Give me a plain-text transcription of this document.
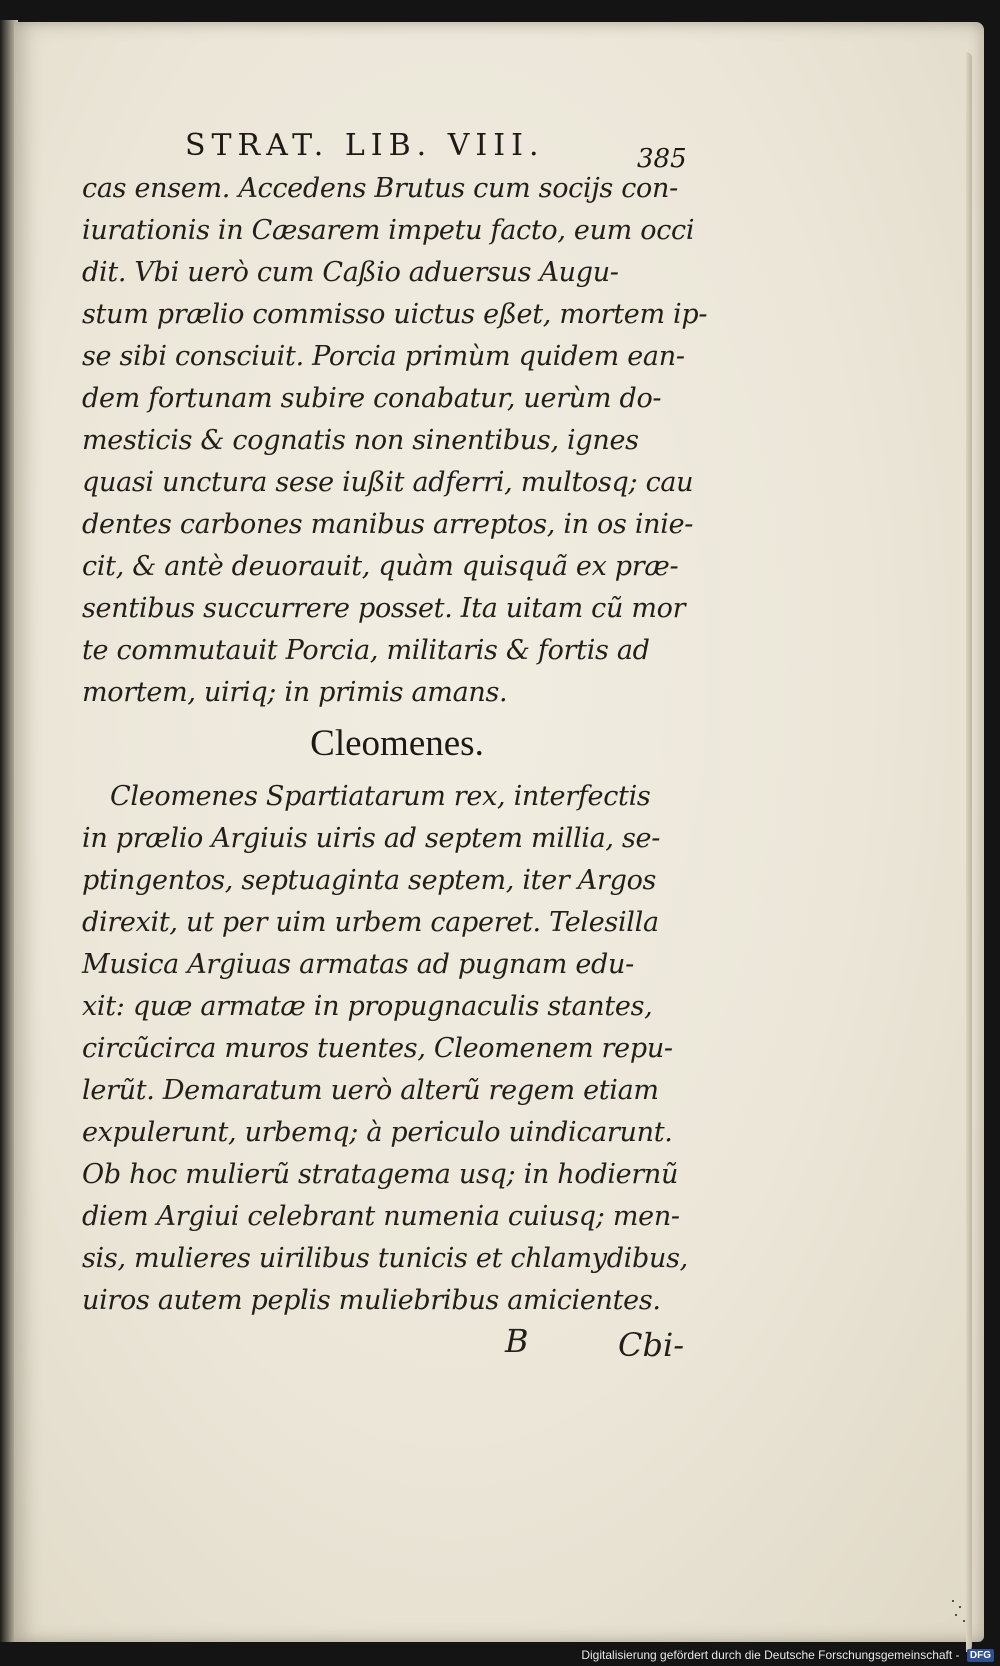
STRAT. LIB. VIII.	385
cas ensem. Accedens Brutus cum socijs con-
iurationis in Cæsarem impetu facto, eum occi
dit. Vbi uerò cum Caßio aduersus Augu-
stum prælio commisso uictus eßet, mortem ip-
se sibi consciuit. Porcia primùm quidem ean-
dem fortunam subire conabatur, uerùm do-
mesticis & cognatis non sinentibus, ignes
quasi unctura sese iußit adferri, multosq; cau
dentes carbones manibus arreptos, in os inie-
cit, & antè deuorauit, quàm quisquã ex præ-
sentibus succurrere posset. Ita uitam cũ mor
te commutauit Porcia, militaris & fortis ad
mortem, uiriq; in primis amans.
Cleomenes.
Cleomenes Spartiatarum rex, interfectis
in prælio Argiuis uiris ad septem millia, se-
ptingentos, septuaginta septem, iter Argos
direxit, ut per uim urbem caperet. Telesilla
Musica Argiuas armatas ad pugnam edu-
xit: quæ armatæ in propugnaculis stantes,
circũcirca muros tuentes, Cleomenem repu-
lerũt. Demaratum uerò alterũ regem etiam
expulerunt, urbemq; à periculo uindicarunt.
Ob hoc mulierũ stratagema usq; in hodiernũ
diem Argiui celebrant numenia cuiusq; men-
sis, mulieres uirilibus tunicis et chlamydibus,
uiros autem peplis muliebribus amicientes.
B	Cbi-
Digitalisierung gefördert durch die Deutsche Forschungsgemeinschaft - DFG
